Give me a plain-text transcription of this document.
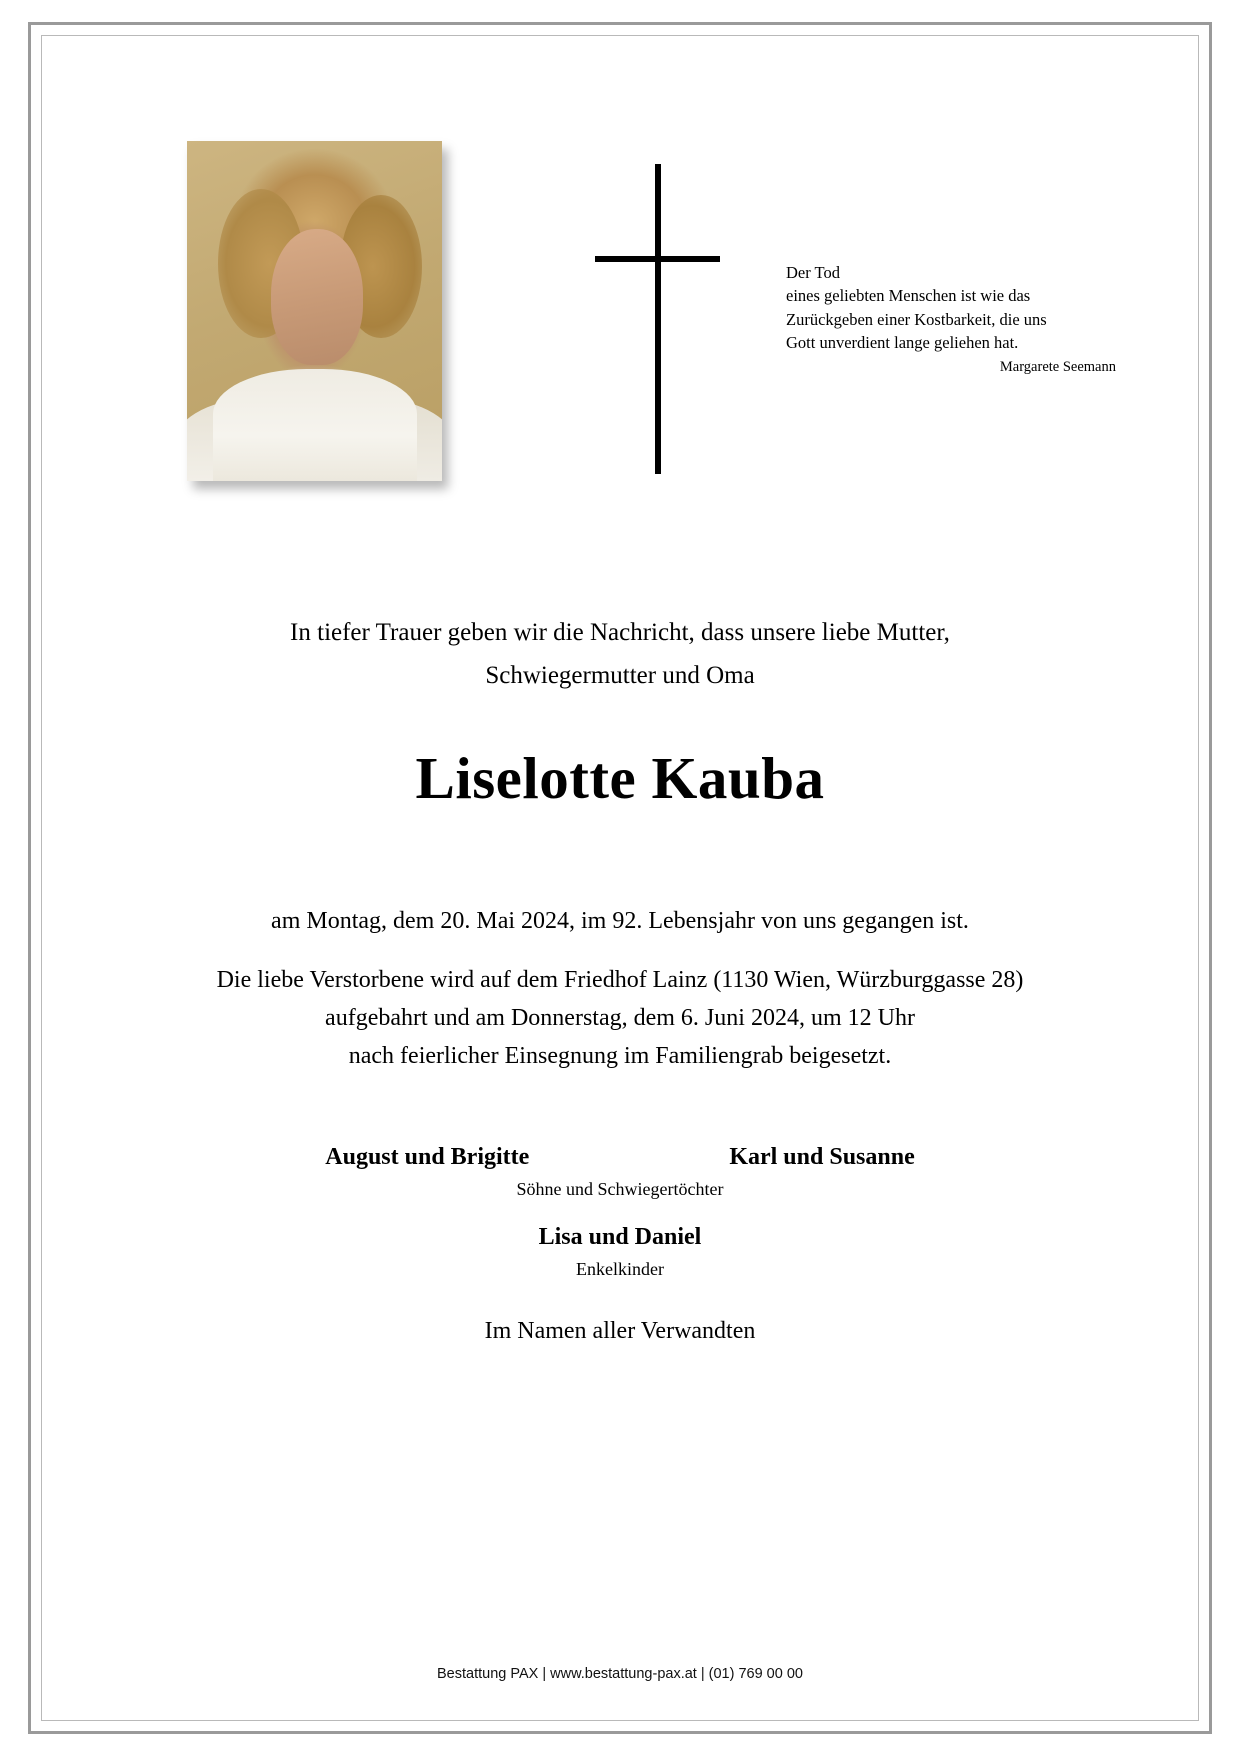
Der Tod
eines geliebten Menschen ist wie das
Zurückgeben einer Kostbarkeit, die uns
Gott unverdient lange geliehen hat.
Margarete Seemann
In tiefer Trauer geben wir die Nachricht, dass unsere liebe Mutter,
Schwiegermutter und Oma
Liselotte Kauba
am Montag, dem 20. Mai 2024, im 92. Lebensjahr von uns gegangen ist.
Die liebe Verstorbene wird auf dem Friedhof Lainz (1130 Wien, Würzburggasse 28)
aufgebahrt und am Donnerstag, dem 6. Juni 2024, um 12 Uhr
nach feierlicher Einsegnung im Familiengrab beigesetzt.
August und Brigitte	Karl und Susanne
Söhne und Schwiegertöchter
Lisa und Daniel
Enkelkinder
Im Namen aller Verwandten
Bestattung PAX | www.bestattung-pax.at | (01) 769 00 00
